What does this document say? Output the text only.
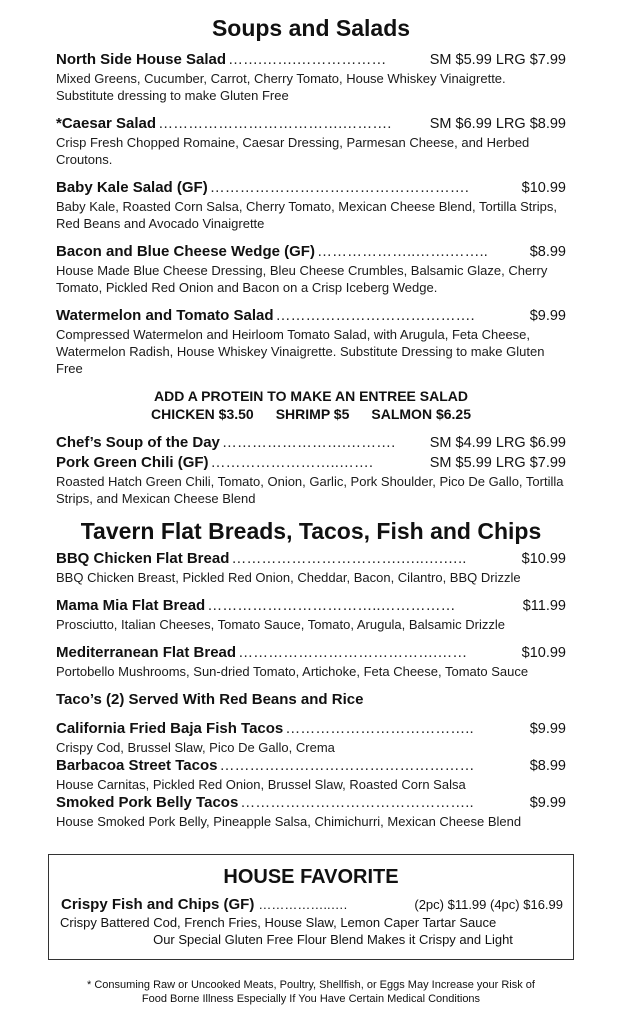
Soups and Salads
North Side House Salad …….…….………………	SM $5.99 LRG $7.99
Mixed Greens, Cucumber, Carrot, Cherry Tomato, House Whiskey Vinaigrette. Substitute dressing to make Gluten Free
*Caesar Salad ……………………………….……….	SM $6.99 LRG $8.99
Crisp Fresh Chopped Romaine, Caesar Dressing, Parmesan Cheese, and Herbed Croutons.
Baby Kale Salad (GF) …………………………………………….	$10.99
Baby Kale, Roasted Corn Salsa, Cherry Tomato, Mexican Cheese Blend, Tortilla Strips, Red Beans and Avocado Vinaigrette
Bacon and Blue Cheese Wedge (GF) ………………..…….……..	$8.99
House Made Blue Cheese Dressing, Bleu Cheese Crumbles, Balsamic Glaze, Cherry Tomato, Pickled Red Onion and Bacon on a Crisp Iceberg Wedge.
Watermelon and Tomato Salad ………………………………….	$9.99
Compressed Watermelon and Heirloom Tomato Salad, with Arugula, Feta Cheese, Watermelon Radish, House Whiskey Vinaigrette. Substitute Dressing to make Gluten Free

ADD A PROTEIN TO MAKE AN ENTREE SALAD

CHICKEN $3.50 SHRIMP $5 SALMON $6.25
Chef’s Soup of the Day …………………….……….	SM $4.99 LRG $6.99
Pork Green Chili (GF) ……………………..…….	SM $5.99 LRG $7.99
Roasted Hatch Green Chili, Tomato, Onion, Garlic, Pork Shoulder, Pico De Gallo, Tortilla Strips, and Mexican Cheese Blend
Tavern Flat Breads, Tacos, Fish and Chips
BBQ Chicken Flat Bread …………………………….…..….…..	$10.99
BBQ Chicken Breast, Pickled Red Onion, Cheddar, Bacon, Cilantro, BBQ Drizzle
Mama Mia Flat Bread ……………………………..……………	$11.99
Prosciutto, Italian Cheeses, Tomato Sauce, Tomato, Arugula, Balsamic Drizzle
Mediterranean Flat Bread ………………………………….……	$10.99
Portobello Mushrooms, Sun-dried Tomato, Artichoke, Feta Cheese, Tomato Sauce
Taco’s (2) Served With Red Beans and Rice
California Fried Baja Fish Tacos ………………………………..	$9.99
Crispy Cod, Brussel Slaw, Pico De Gallo, Crema
Barbacoa Street Tacos ……………………………………………	$8.99
House Carnitas, Pickled Red Onion, Brussel Slaw, Roasted Corn Salsa
Smoked Pork Belly Tacos ………………………………………..	$9.99
House Smoked Pork Belly, Pineapple Salsa, Chimichurri, Mexican Cheese Blend
HOUSE FAVORITE
Crispy Fish and Chips (GF) ……………..….	(2pc) $11.99 (4pc) $16.99
Crispy Battered Cod, French Fries, House Slaw, Lemon Caper Tartar Sauce
Our Special Gluten Free Flour Blend Makes it Crispy and Light
* Consuming Raw or Uncooked Meats, Poultry, Shellfish, or Eggs May Increase your Risk of
Food Borne Illness Especially If You Have Certain Medical Conditions
